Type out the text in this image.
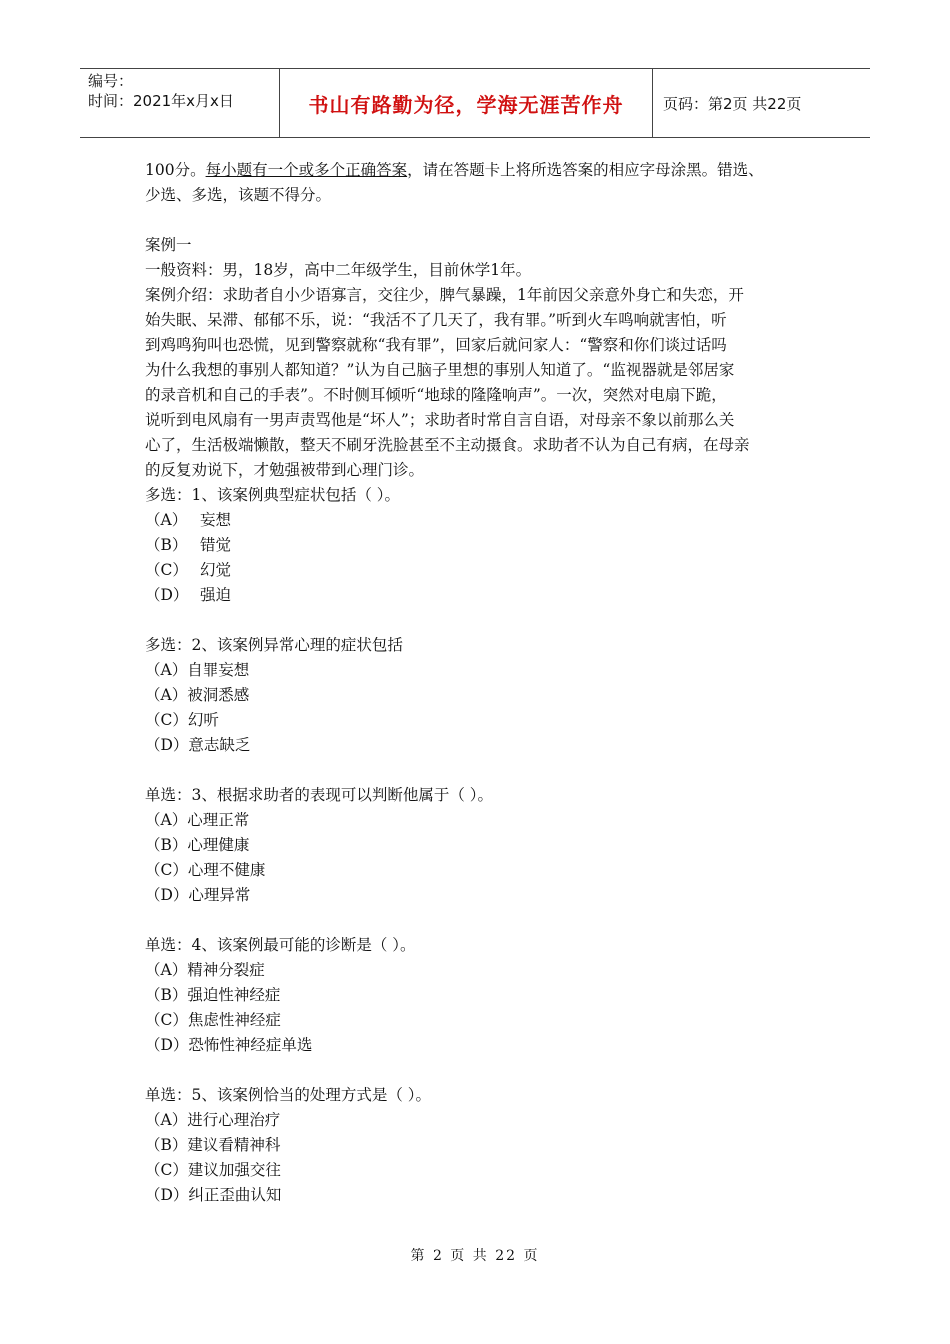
编号：
时间：2021年x月x日	书山有路勤为径，学海无涯苦作舟	页码：第2页 共22页

100分。每小题有一个或多个正确答案，请在答题卡上将所选答案的相应字母涂黑。错选、

少选、多选，该题不得分。

案例一

一般资料：男，18岁，高中二年级学生，目前休学1年。

案例介绍：求助者自小少语寡言，交往少，脾气暴躁，1年前因父亲意外身亡和失恋，开

始失眠、呆滞、郁郁不乐，说：“我活不了几天了，我有罪。”听到火车鸣响就害怕，听

到鸡鸣狗叫也恐慌，见到警察就称“我有罪”，回家后就问家人：“警察和你们谈过话吗

为什么我想的事别人都知道？”认为自己脑子里想的事别人知道了。“监视器就是邻居家

的录音机和自己的手表”。不时侧耳倾听“地球的隆隆响声”。一次，突然对电扇下跪，

说听到电风扇有一男声责骂他是“坏人”；求助者时常自言自语，对母亲不象以前那么关

心了，生活极端懒散，整天不刷牙洗脸甚至不主动摄食。求助者不认为自己有病，在母亲

的反复劝说下，才勉强被带到心理门诊。

多选：1、该案例典型症状包括（ ）。

（A） 妄想

（B） 错觉

（C） 幻觉

（D） 强迫

多选：2、该案例异常心理的症状包括

（A）自罪妄想

（A）被洞悉感

（C）幻听

（D）意志缺乏

单选：3、根据求助者的表现可以判断他属于（ ）。

（A）心理正常

（B）心理健康

（C）心理不健康

（D）心理异常

单选：4、该案例最可能的诊断是（ ）。

（A）精神分裂症

（B）强迫性神经症

（C）焦虑性神经症

（D）恐怖性神经症单选

单选：5、该案例恰当的处理方式是（ ）。

（A）进行心理治疗

（B）建议看精神科

（C）建议加强交往

（D）纠正歪曲认知

第 2 页 共 22 页
